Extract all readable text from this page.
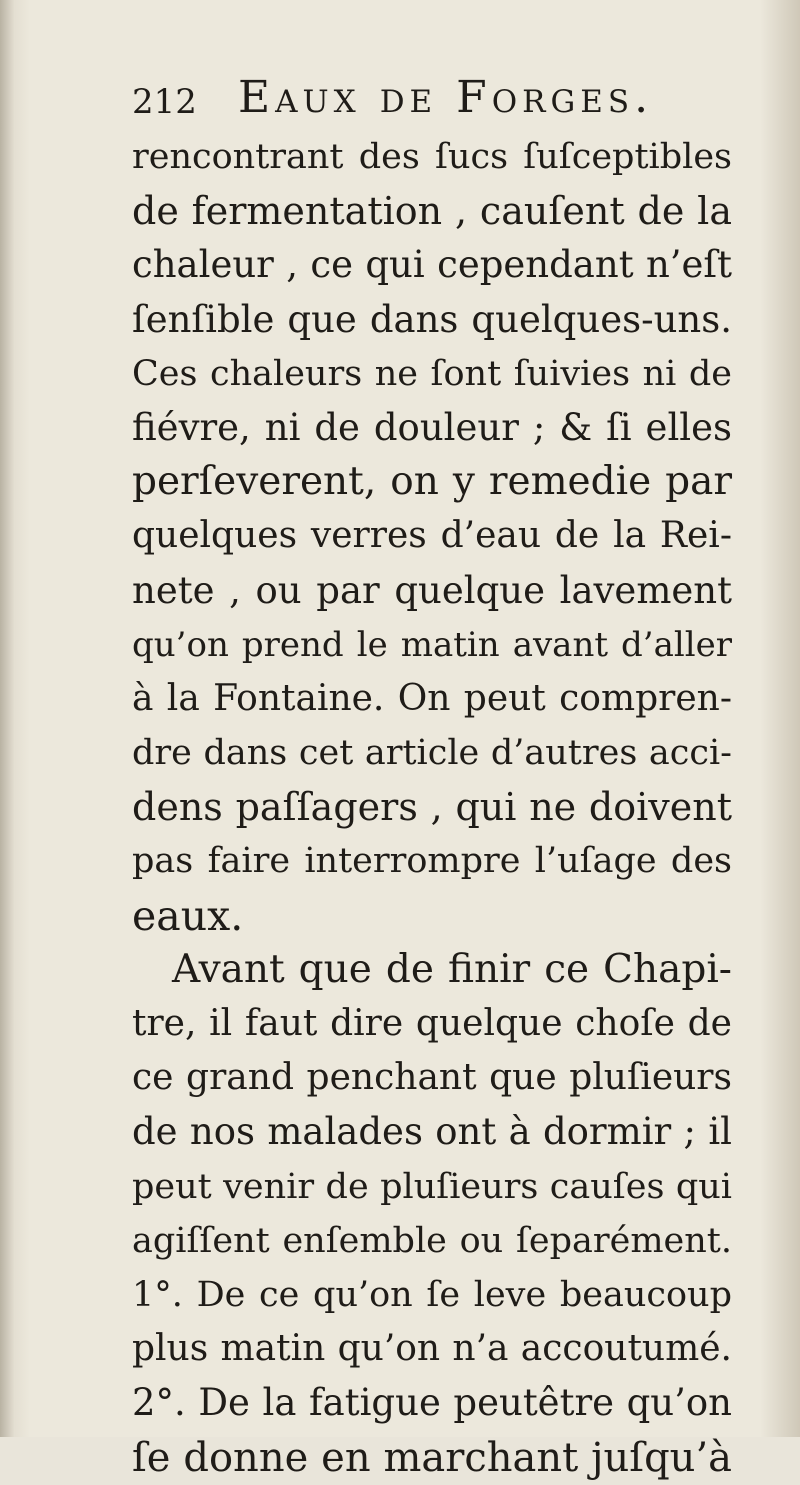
212 Eaux de Forges.
rencontrant des ſucs ſuſceptibles
de fermentation , cauſent de la
chaleur , ce qui cependant n’eſt
ſenſible que dans quelques-uns.
Ces chaleurs ne ſont ſuivies ni de
fiévre, ni de douleur ; & ſi elles
perſeverent, on y remedie par
quelques verres d’eau de la Rei-
nete , ou par quelque lavement
qu’on prend le matin avant d’aller
à la Fontaine. On peut compren-
dre dans cet article d’autres acci-
dens paſſagers , qui ne doivent
pas faire interrompre l’uſage des
eaux.
Avant que de finir ce Chapi-
tre, il faut dire quelque choſe de
ce grand penchant que pluſieurs
de nos malades ont à dormir ; il
peut venir de pluſieurs cauſes qui
agiſſent enſemble ou ſeparément.
1°. De ce qu’on ſe leve beaucoup
plus matin qu’on n’a accoutumé.
2°. De la fatigue peutêtre qu’on
ſe donne en marchant juſqu’à
